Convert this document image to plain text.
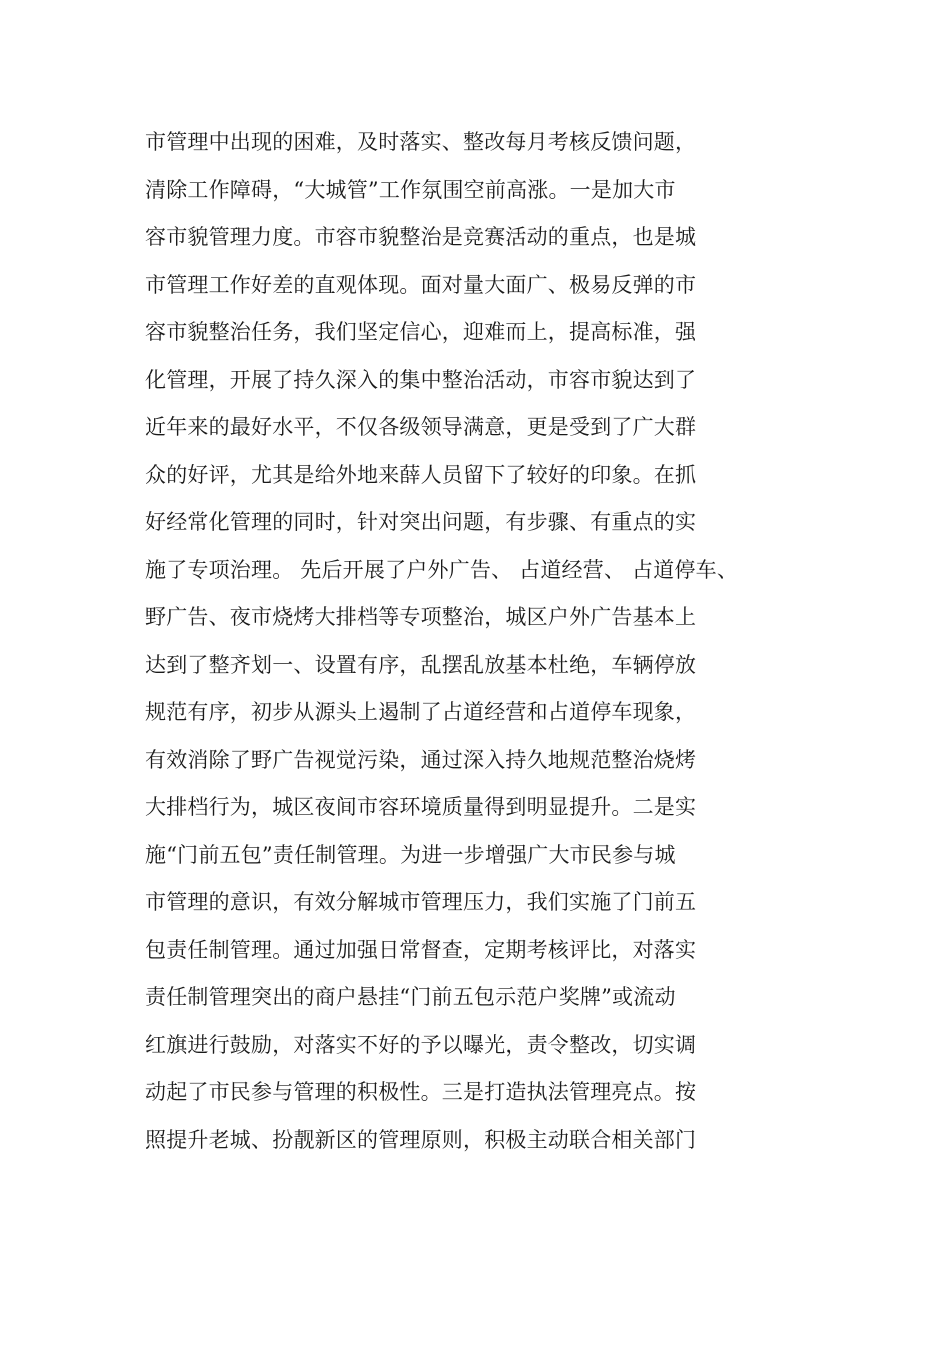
市管理中出现的困难，及时落实、整改每月考核反馈问题，
清除工作障碍，“大城管”工作氛围空前高涨。一是加大市
容市貌管理力度。市容市貌整治是竞赛活动的重点，也是城
市管理工作好差的直观体现。面对量大面广、极易反弹的市
容市貌整治任务，我们坚定信心，迎难而上，提高标准，强
化管理，开展了持久深入的集中整治活动，市容市貌达到了
近年来的最好水平，不仅各级领导满意，更是受到了广大群
众的好评，尤其是给外地来薛人员留下了较好的印象。在抓
好经常化管理的同时，针对突出问题，有步骤、有重点的实
施了专项治理。 先后开展了户外广告、 占道经营、 占道停车、
野广告、夜市烧烤大排档等专项整治，城区户外广告基本上
达到了整齐划一、设置有序，乱摆乱放基本杜绝，车辆停放
规范有序，初步从源头上遏制了占道经营和占道停车现象，
有效消除了野广告视觉污染，通过深入持久地规范整治烧烤
大排档行为，城区夜间市容环境质量得到明显提升。二是实
施“门前五包”责任制管理。为进一步增强广大市民参与城
市管理的意识，有效分解城市管理压力，我们实施了门前五
包责任制管理。通过加强日常督查，定期考核评比，对落实
责任制管理突出的商户悬挂“门前五包示范户奖牌”或流动
红旗进行鼓励，对落实不好的予以曝光，责令整改，切实调
动起了市民参与管理的积极性。三是打造执法管理亮点。按
照提升老城、扮靓新区的管理原则，积极主动联合相关部门
